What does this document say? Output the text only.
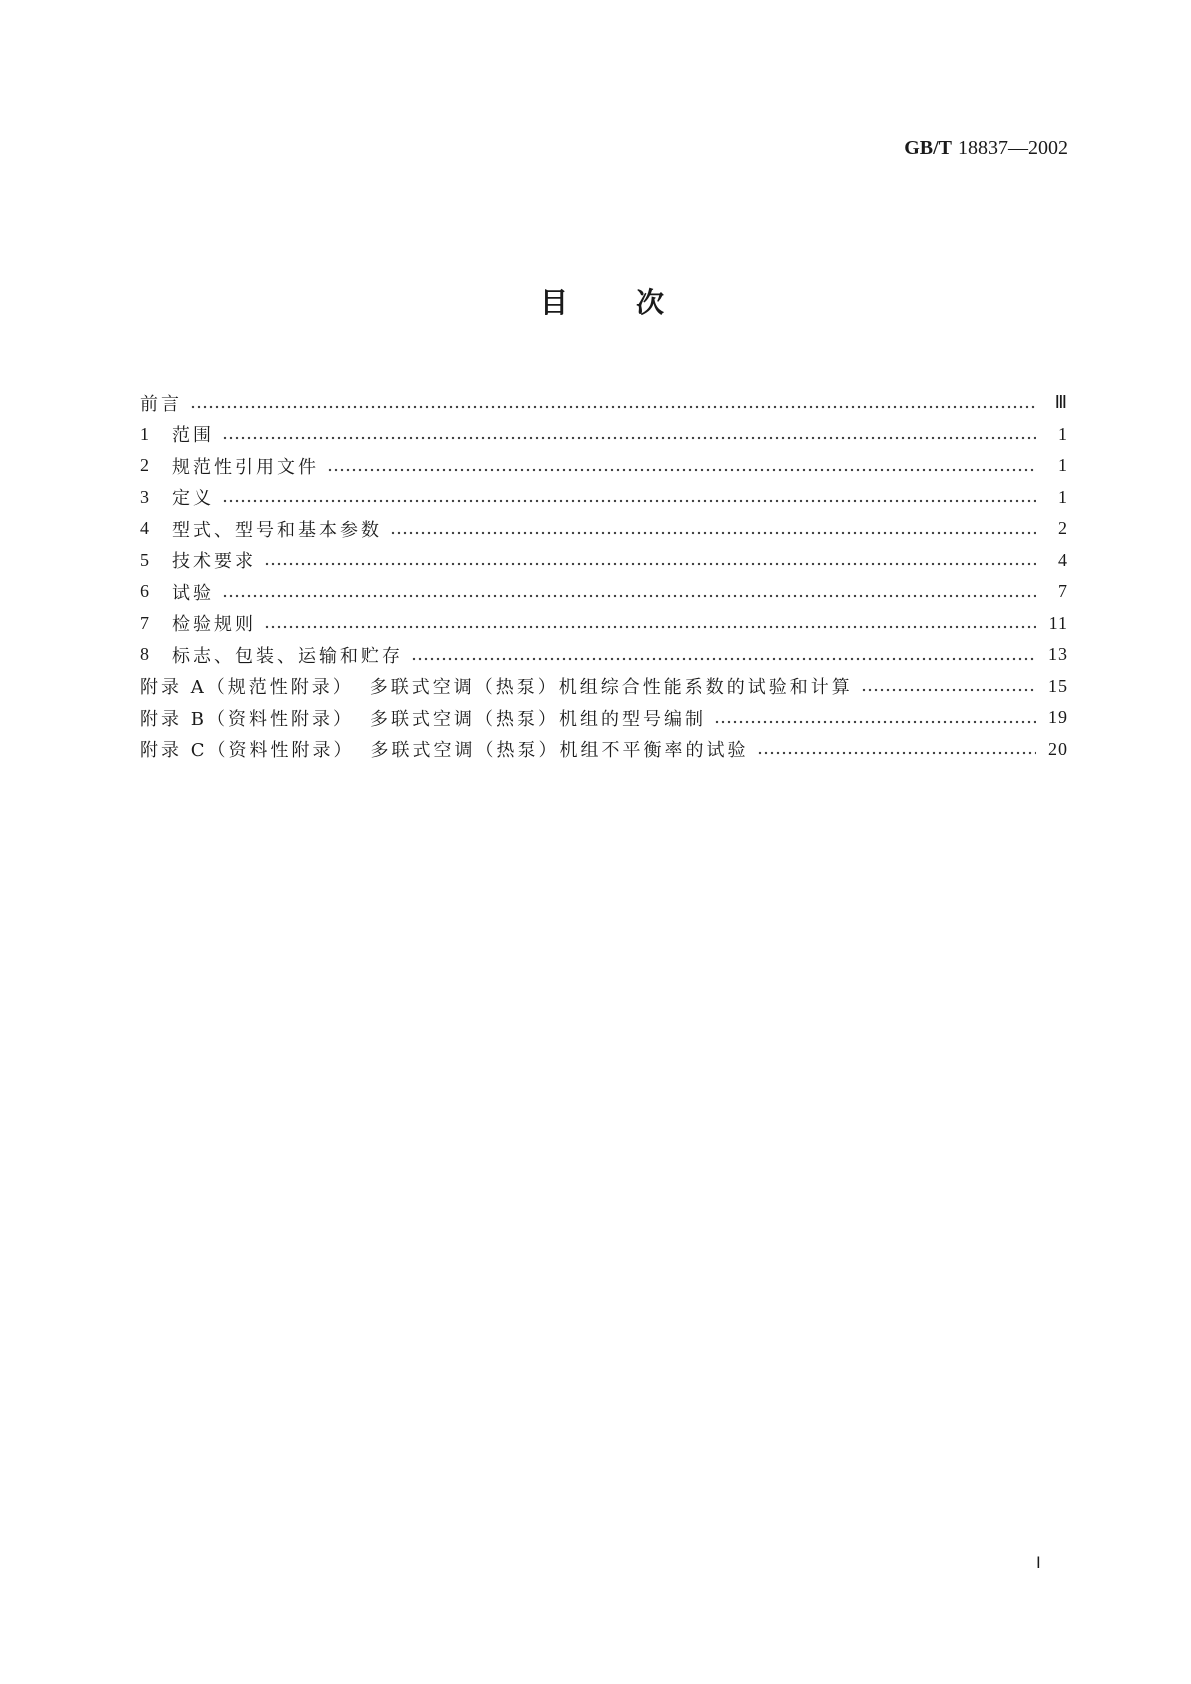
GB/T 18837—2002
目次
前言	Ⅲ
1	范围	1
2	规范性引用文件	1
3	定义	1
4	型式、型号和基本参数	2
5	技术要求	4
6	试验	7
7	检验规则	11
8	标志、包装、运输和贮存	13
附录 A（规范性附录） 多联式空调（热泵）机组综合性能系数的试验和计算	15
附录 B（资料性附录） 多联式空调（热泵）机组的型号编制	19
附录 C（资料性附录） 多联式空调（热泵）机组不平衡率的试验	20
Ⅰ
